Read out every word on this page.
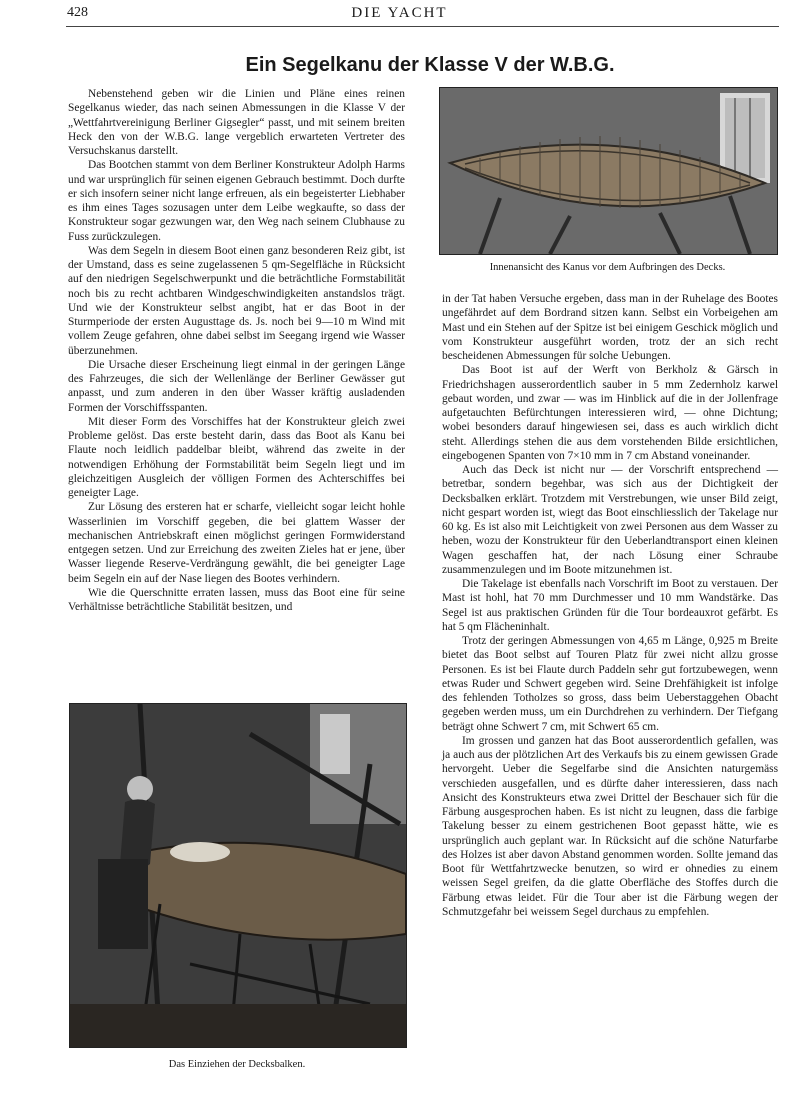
428	DIE YACHT
Ein Segelkanu der Klasse V der W.B.G.

Nebenstehend geben wir die Linien und Pläne eines reinen Segelkanus wieder, das nach seinen Abmessungen in die Klasse V der „Wettfahrtvereinigung Berliner Gigsegler“ passt, und mit seinem breiten Heck den von der W.B.G. lange vergeblich erwarteten Vertreter des Versuchskanus darstellt.

Das Bootchen stammt von dem Berliner Konstrukteur Adolph Harms und war ursprünglich für seinen eigenen Gebrauch bestimmt. Doch durfte er sich insofern seiner nicht lange erfreuen, als ein begeisterter Liebhaber es ihm eines Tages sozusagen unter dem Leibe wegkaufte, so dass der Konstrukteur sogar gezwungen war, den Weg nach seinem Clubhause zu Fuss zurückzulegen.

Was dem Segeln in diesem Boot einen ganz besonderen Reiz gibt, ist der Umstand, dass es seine zugelassenen 5 qm-Segelfläche in Rücksicht auf den niedrigen Segelschwerpunkt und die beträchtliche Formstabilität noch bis zu recht achtbaren Windgeschwindigkeiten anstandslos trägt. Und wie der Konstrukteur selbst angibt, hat er das Boot in der Sturmperiode der ersten Augusttage ds. Js. noch bei 9—10 m Wind mit vollem Zeuge gefahren, ohne dabei selbst im Seegang irgend wie Wasser überzunehmen.

Die Ursache dieser Erscheinung liegt einmal in der geringen Länge des Fahrzeuges, die sich der Wellenlänge der Berliner Gewässer gut anpasst, und zum anderen in den über Wasser kräftig ausladenden Formen der Vorschiffsspanten.

Mit dieser Form des Vorschiffes hat der Konstrukteur gleich zwei Probleme gelöst. Das erste besteht darin, dass das Boot als Kanu bei Flaute noch leidlich paddelbar bleibt, während das zweite in der notwendigen Erhöhung der Formstabilität beim Segeln liegt und im gleichzeitigen Ausgleich der völligen Formen des Achterschiffes bei geneigter Lage.

Zur Lösung des ersteren hat er scharfe, vielleicht sogar leicht hohle Wasserlinien im Vorschiff gegeben, die bei glattem Wasser der mechanischen Antriebskraft einen möglichst geringen Formwiderstand entgegen setzen. Und zur Erreichung des zweiten Zieles hat er jene, über Wasser liegende Reserve-Verdrängung gewählt, die bei geneigter Lage beim Segeln ein auf der Nase liegen des Bootes verhindern.

Wie die Querschnitte erraten lassen, muss das Boot eine für seine Verhältnisse beträchtliche Stabilität besitzen, und

Innenansicht des Kanus vor dem Aufbringen des Decks.

in der Tat haben Versuche ergeben, dass man in der Ruhelage des Bootes ungefährdet auf dem Bordrand sitzen kann. Selbst ein Vorbeigehen am Mast und ein Stehen auf der Spitze ist bei einigem Geschick möglich und vom Konstrukteur ausgeführt worden, trotz der an sich recht bescheidenen Abmessungen für solche Uebungen.

Das Boot ist auf der Werft von Berkholz & Gärsch in Friedrichshagen ausserordentlich sauber in 5 mm Zedernholz karwel gebaut worden, und zwar — was im Hinblick auf die in der Jollenfrage aufgetauchten Befürchtungen interessieren wird, — ohne Dichtung; wobei besonders darauf hingewiesen sei, dass es auch wirklich dicht steht. Allerdings stehen die aus dem vorstehenden Bilde ersichtlichen, eingebogenen Spanten von 7×10 mm in 7 cm Abstand voneinander.

Auch das Deck ist nicht nur — der Vorschrift entsprechend — betretbar, sondern begehbar, was sich aus der Dichtigkeit der Decksbalken erklärt. Trotzdem mit Verstrebungen, wie unser Bild zeigt, nicht gespart worden ist, wiegt das Boot einschliesslich der Takelage nur 60 kg. Es ist also mit Leichtigkeit von zwei Personen aus dem Wasser zu heben, wozu der Konstrukteur für den Ueberlandtransport einen kleinen Wagen geschaffen hat, der nach Lösung einer Schraube zusammenzulegen und im Boote mitzunehmen ist.

Die Takelage ist ebenfalls nach Vorschrift im Boot zu verstauen. Der Mast ist hohl, hat 70 mm Durchmesser und 10 mm Wandstärke. Das Segel ist aus praktischen Gründen für die Tour bordeauxrot gefärbt. Es hat 5 qm Flächeninhalt.

Trotz der geringen Abmessungen von 4,65 m Länge, 0,925 m Breite bietet das Boot selbst auf Touren Platz für zwei nicht allzu grosse Personen. Es ist bei Flaute durch Paddeln sehr gut fortzubewegen, wenn etwas Ruder und Schwert gegeben wird. Seine Drehfähigkeit ist infolge des fehlenden Totholzes so gross, dass beim Ueberstaggehen Obacht gegeben werden muss, um ein Durchdrehen zu verhindern. Der Tiefgang beträgt ohne Schwert 7 cm, mit Schwert 65 cm.

Im grossen und ganzen hat das Boot ausserordentlich gefallen, was ja auch aus der plötzlichen Art des Verkaufs bis zu einem gewissen Grade hervorgeht. Ueber die Segelfarbe sind die Ansichten naturgemäss verschieden ausgefallen, und es dürfte daher interessieren, dass nach Ansicht des Konstrukteurs etwa zwei Drittel der Beschauer sich für die Färbung ausgesprochen haben. Es ist nicht zu leugnen, dass die farbige Takelung besser zu einem gestrichenen Boot gepasst hätte, wie es ursprünglich auch geplant war. In Rücksicht auf die schöne Naturfarbe des Holzes ist aber davon Abstand genommen worden. Sollte jemand das Boot für Wettfahrtzwecke benutzen, so wird er ohnedies zu einem weissen Segel greifen, da die glatte Oberfläche des Stoffes durch die Färbung etwas leidet. Für die Tour aber ist die Färbung wegen der Schmutzgefahr bei weissem Segel durchaus zu empfehlen.

Das Einziehen der Decksbalken.
